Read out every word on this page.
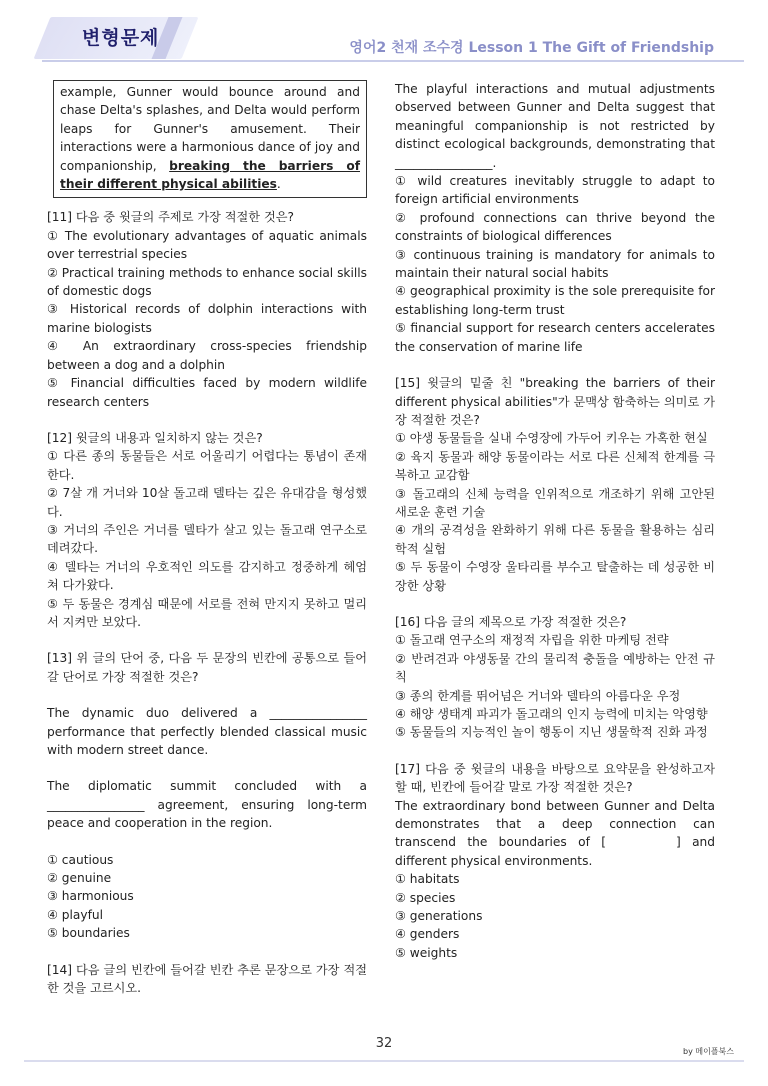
변형문제	영어2 천재 조수경 Lesson 1 The Gift of Friendship
example, Gunner would bounce around and chase Delta's splashes, and Delta would perform leaps for Gunner's amusement. Their interactions were a harmonious dance of joy and companionship, breaking the barriers of their different physical abilities.

[11] 다음 중 윗글의 주제로 가장 적절한 것은?

① The evolutionary advantages of aquatic animals over terrestrial species

② Practical training methods to enhance social skills of domestic dogs

③ Historical records of dolphin interactions with marine biologists

④ An extraordinary cross-species friendship between a dog and a dolphin

⑤ Financial difficulties faced by modern wildlife research centers

[12] 윗글의 내용과 일치하지 않는 것은?

① 다른 종의 동물들은 서로 어울리기 어렵다는 통념이 존재한다.

② 7살 개 거너와 10살 돌고래 델타는 깊은 유대감을 형성했다.

③ 거너의 주인은 거너를 델타가 살고 있는 돌고래 연구소로 데려갔다.

④ 델타는 거너의 우호적인 의도를 감지하고 정중하게 헤엄쳐 다가왔다.

⑤ 두 동물은 경계심 때문에 서로를 전혀 만지지 못하고 멀리서 지켜만 보았다.

[13] 위 글의 단어 중, 다음 두 문장의 빈칸에 공통으로 들어갈 단어로 가장 적절한 것은?

The dynamic duo delivered a ________________ performance that perfectly blended classical music with modern street dance.

The diplomatic summit concluded with a ________________ agreement, ensuring long-term peace and cooperation in the region.

① cautious

② genuine

③ harmonious

④ playful

⑤ boundaries

[14] 다음 글의 빈칸에 들어갈 빈칸 추론 문장으로 가장 적절한 것을 고르시오.

The playful interactions and mutual adjustments observed between Gunner and Delta suggest that meaningful companionship is not restricted by distinct ecological backgrounds, demonstrating that ________________.

① wild creatures inevitably struggle to adapt to foreign artificial environments

② profound connections can thrive beyond the constraints of biological differences

③ continuous training is mandatory for animals to maintain their natural social habits

④ geographical proximity is the sole prerequisite for establishing long-term trust

⑤ financial support for research centers accelerates the conservation of marine life

[15] 윗글의 밑줄 친 "breaking the barriers of their different physical abilities"가 문맥상 함축하는 의미로 가장 적절한 것은?

① 야생 동물들을 실내 수영장에 가두어 키우는 가혹한 현실

② 육지 동물과 해양 동물이라는 서로 다른 신체적 한계를 극복하고 교감함

③ 돌고래의 신체 능력을 인위적으로 개조하기 위해 고안된 새로운 훈련 기술

④ 개의 공격성을 완화하기 위해 다른 동물을 활용하는 심리학적 실험

⑤ 두 동물이 수영장 울타리를 부수고 탈출하는 데 성공한 비장한 상황

[16] 다음 글의 제목으로 가장 적절한 것은?

① 돌고래 연구소의 재정적 자립을 위한 마케팅 전략

② 반려견과 야생동물 간의 물리적 충돌을 예방하는 안전 규칙

③ 종의 한계를 뛰어넘은 거너와 델타의 아름다운 우정

④ 해양 생태계 파괴가 돌고래의 인지 능력에 미치는 악영향

⑤ 동물들의 지능적인 놀이 행동이 지닌 생물학적 진화 과정

[17] 다음 중 윗글의 내용을 바탕으로 요약문을 완성하고자 할 때, 빈칸에 들어갈 말로 가장 적절한 것은?

The extraordinary bond between Gunner and Delta demonstrates that a deep connection can transcend the boundaries of [	] and different physical environments.

① habitats

② species

③ generations

④ genders

⑤ weights

32
by 메이플북스
